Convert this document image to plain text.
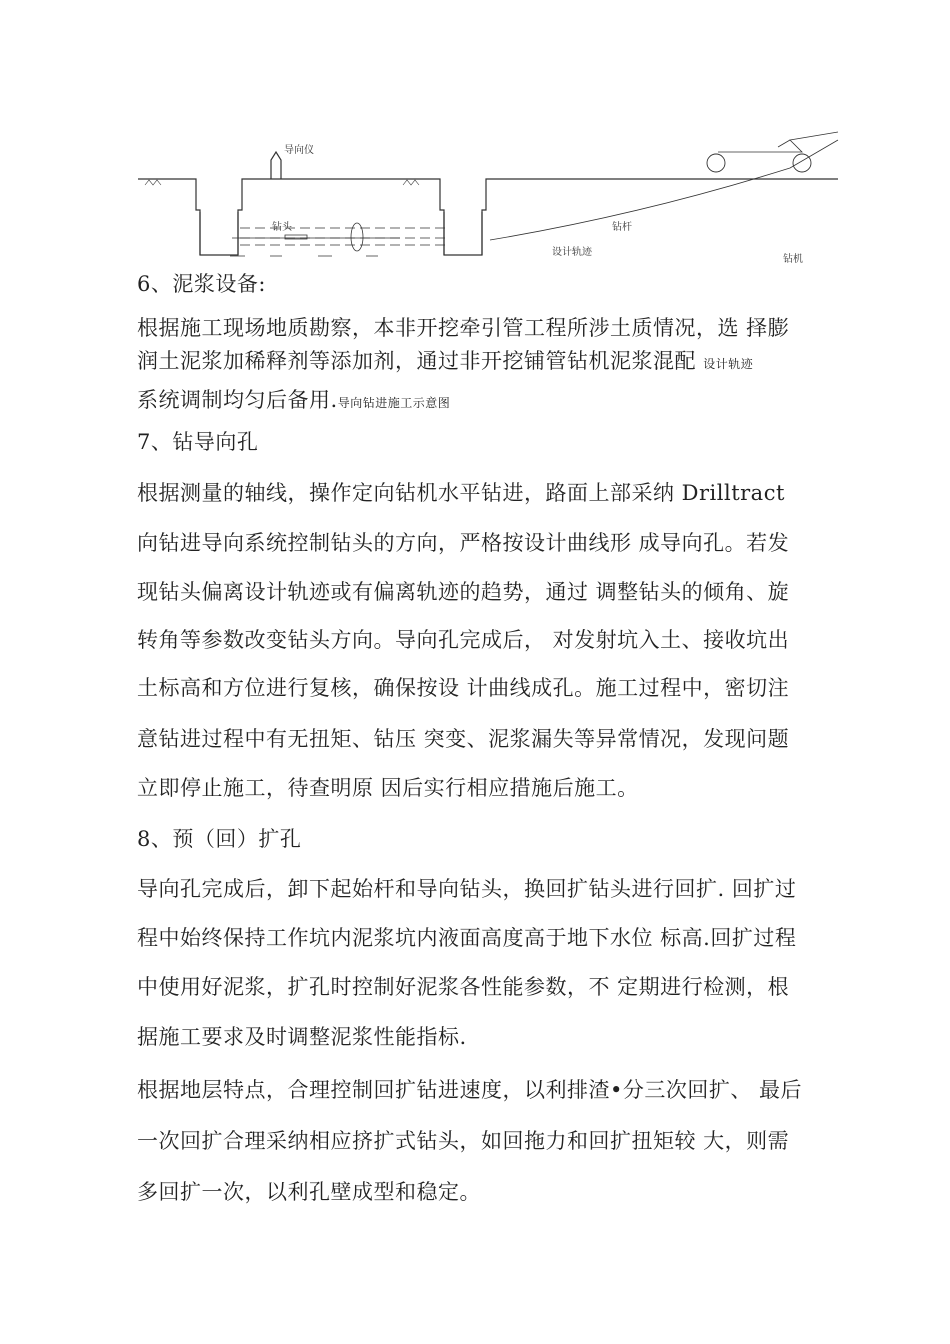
导向仪
钻头	钻杆
设计轨迹
钻机
6、泥浆设备:
根据施工现场地质勘察，本非开挖牵引管工程所涉土质情况，选 择膨
润土泥浆加稀释剂等添加剂，通过非开挖铺管钻机泥浆混配 设计轨迹
系统调制均匀后备用.导向钻进施工示意图
7、钻导向孔
根据测量的轴线，操作定向钻机水平钻进，路面上部采纳 Drilltract
向钻进导向系统控制钻头的方向，严格按设计曲线形 成导向孔。若发
现钻头偏离设计轨迹或有偏离轨迹的趋势，通过 调整钻头的倾角、旋
转角等参数改变钻头方向。导向孔完成后， 对发射坑入土、接收坑出
土标高和方位进行复核，确保按设 计曲线成孔。施工过程中，密切注
意钻进过程中有无扭矩、钻压 突变、泥浆漏失等异常情况，发现问题
立即停止施工，待查明原 因后实行相应措施后施工。
8、预（回）扩孔
导向孔完成后，卸下起始杆和导向钻头，换回扩钻头进行回扩. 回扩过
程中始终保持工作坑内泥浆坑内液面高度高于地下水位 标高.回扩过程
中使用好泥浆，扩孔时控制好泥浆各性能参数，不 定期进行检测，根
据施工要求及时调整泥浆性能指标.
根据地层特点，合理控制回扩钻进速度，以利排渣•分三次回扩、 最后
一次回扩合理采纳相应挤扩式钻头，如回拖力和回扩扭矩较 大，则需
多回扩一次，以利孔壁成型和稳定。
